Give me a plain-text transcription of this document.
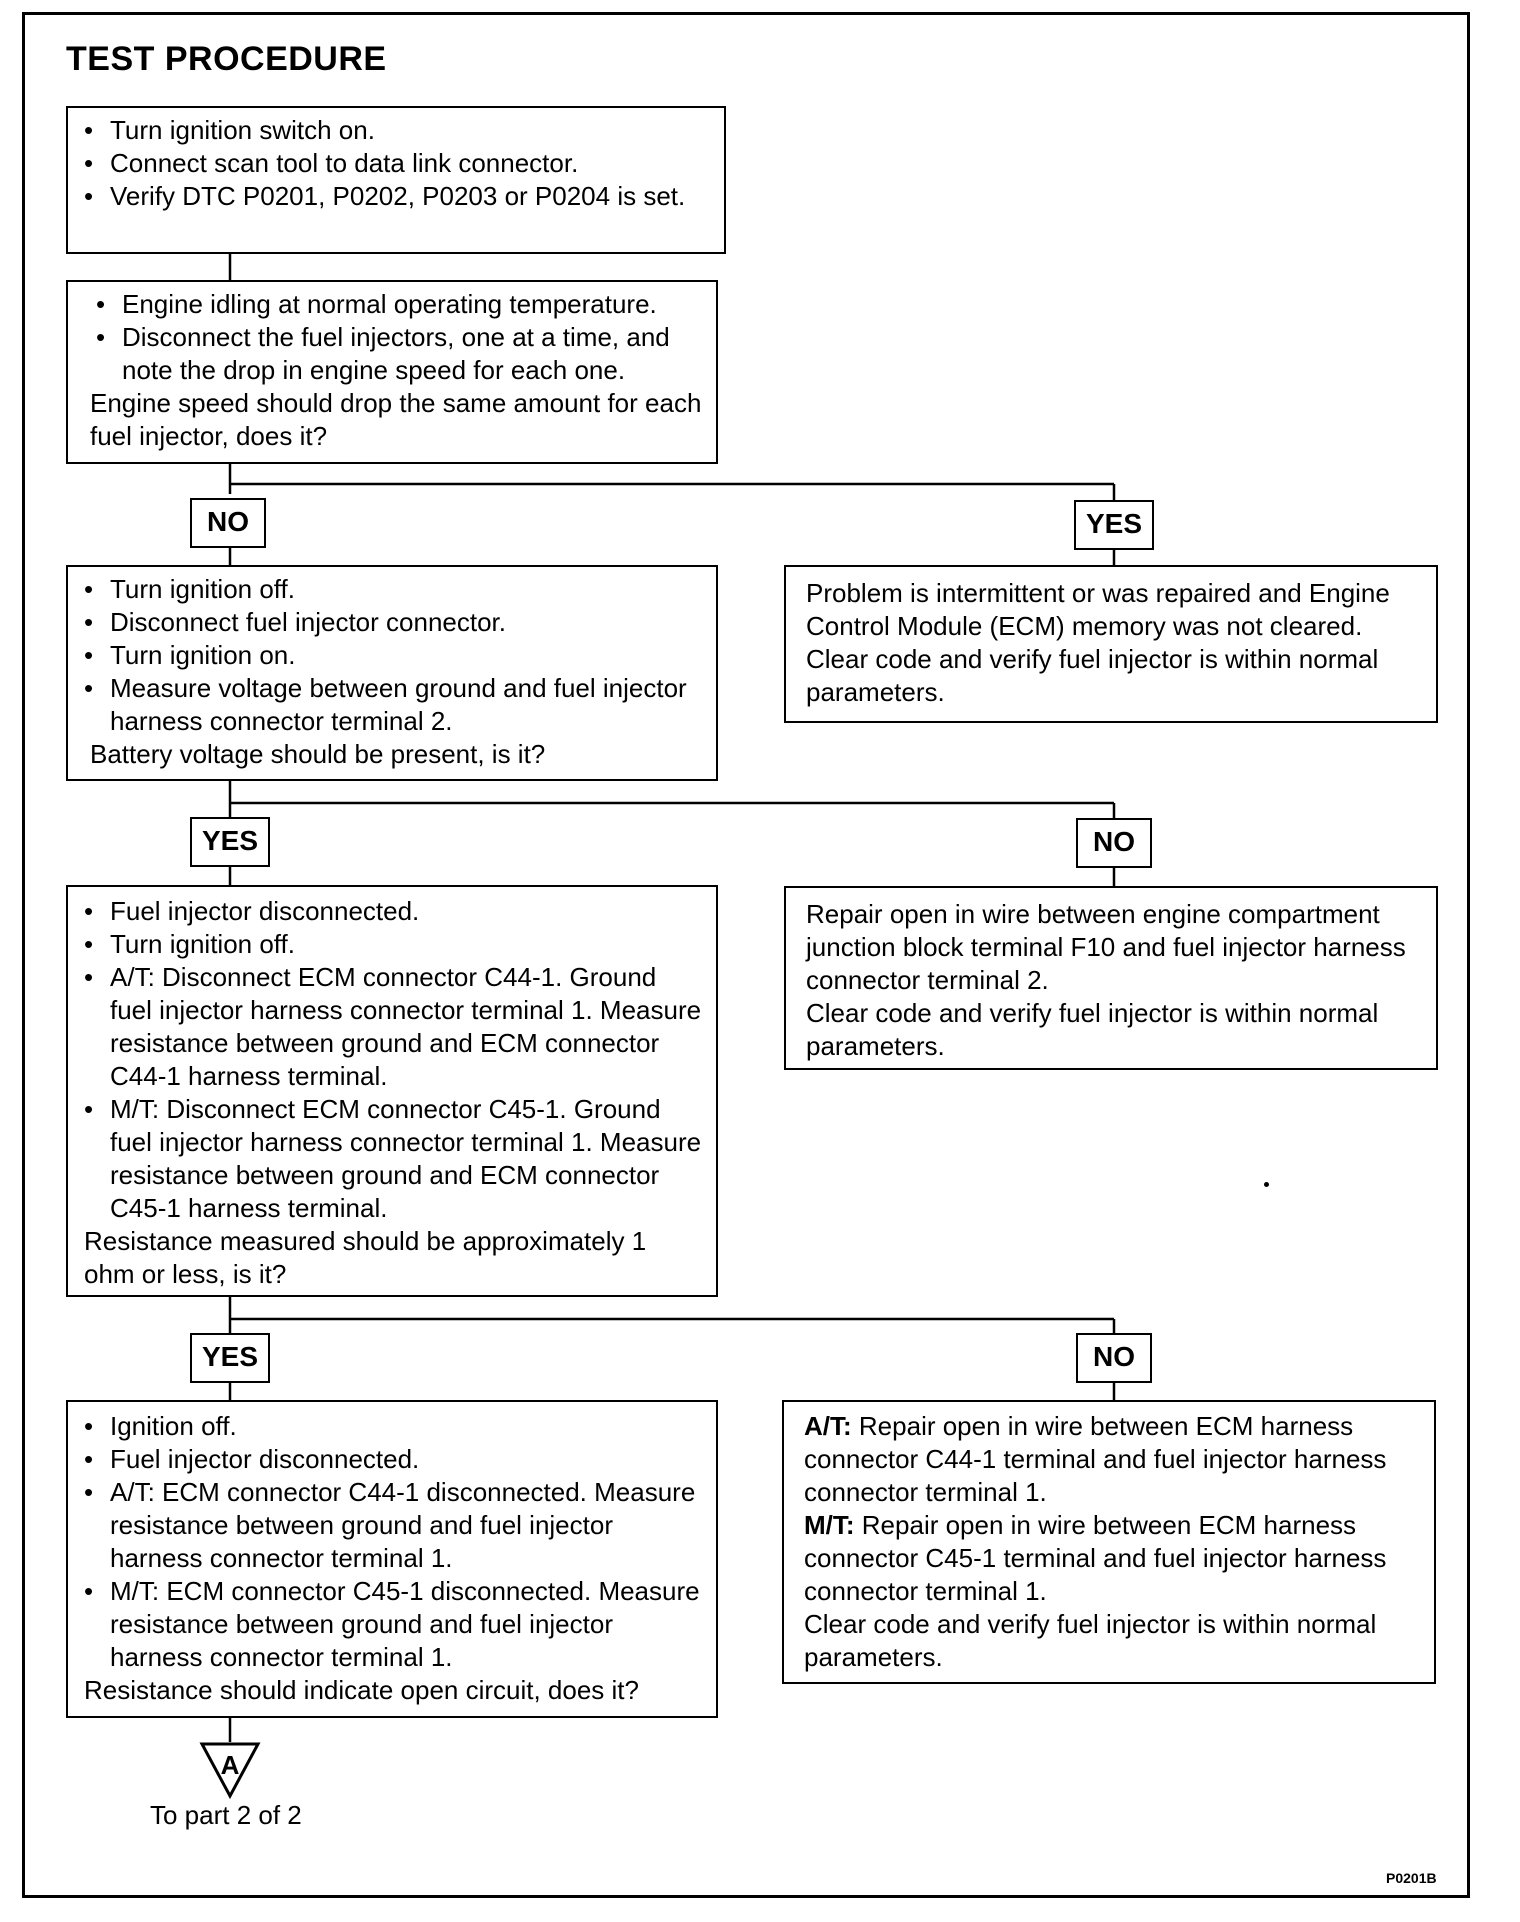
TEST PROCEDURE
A
• Turn ignition switch on.
• Connect scan tool to data link connector.
• Verify DTC P0201, P0202, P0203 or P0204 is set.
• Engine idling at normal operating temperature.
• Disconnect the fuel injectors, one at a time, and note the drop in engine speed for each one.

Engine speed should drop the same amount for each fuel injector, does it?

NO	YES
• Turn ignition off.
• Disconnect fuel injector connector.
• Turn ignition on.
• Measure voltage between ground and fuel injector harness connector terminal 2.

Battery voltage should be present, is it?

Problem is intermittent or was repaired and Engine Control Module (ECM) memory was not cleared.

Clear code and verify fuel injector is within normal parameters.

YES	NO
• Fuel injector disconnected.
• Turn ignition off.
• A/T: Disconnect ECM connector C44-1. Ground fuel injector harness connector terminal 1. Measure resistance between ground and ECM connector C44-1 harness terminal.
• M/T: Disconnect ECM connector C45-1. Ground fuel injector harness connector terminal 1. Measure resistance between ground and ECM connector C45-1 harness terminal.

Resistance measured should be approximately 1 ohm or less, is it?

Repair open in wire between engine compartment junction block terminal F10 and fuel injector harness connector terminal 2.

Clear code and verify fuel injector is within normal parameters.

YES	NO
• Ignition off.
• Fuel injector disconnected.
• A/T: ECM connector C44-1 disconnected. Measure resistance between ground and fuel injector harness connector terminal 1.
• M/T: ECM connector C45-1 disconnected. Measure resistance between ground and fuel injector harness connector terminal 1.

Resistance should indicate open circuit, does it?

A/T: Repair open in wire between ECM harness connector C44-1 terminal and fuel injector harness connector terminal 1.

M/T: Repair open in wire between ECM harness connector C45-1 terminal and fuel injector harness connector terminal 1.

Clear code and verify fuel injector is within normal parameters.

To part 2 of 2
P0201B
